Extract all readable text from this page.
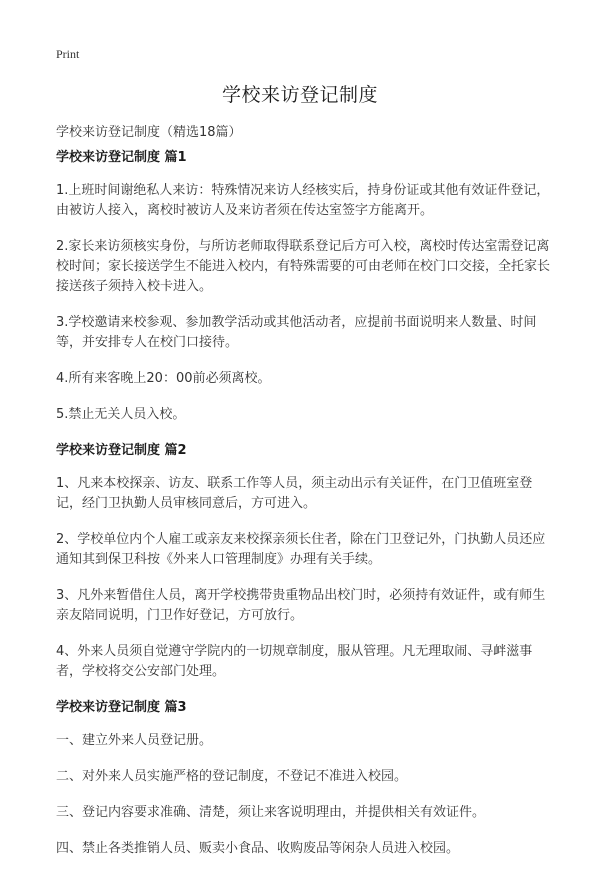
Print
学校来访登记制度
学校来访登记制度（精选18篇）
学校来访登记制度 篇1

1.上班时间谢绝私人来访：特殊情况来访人经核实后，持身份证或其他有效证件登记，由被访人接入，离校时被访人及来访者须在传达室签字方能离开。

2.家长来访须核实身份，与所访老师取得联系登记后方可入校，离校时传达室需登记离校时间；家长接送学生不能进入校内，有特殊需要的可由老师在校门口交接，全托家长接送孩子须持入校卡进入。

3.学校邀请来校参观、参加教学活动或其他活动者，应提前书面说明来人数量、时间等，并安排专人在校门口接待。

4.所有来客晚上20：00前必须离校。

5.禁止无关人员入校。

学校来访登记制度 篇2

1、凡来本校探亲、访友、联系工作等人员，须主动出示有关证件，在门卫值班室登记，经门卫执勤人员审核同意后，方可进入。

2、学校单位内个人雇工或亲友来校探亲须长住者，除在门卫登记外，门执勤人员还应通知其到保卫科按《外来人口管理制度》办理有关手续。

3、凡外来暂借住人员，离开学校携带贵重物品出校门时，必须持有效证件，或有师生亲友陪同说明，门卫作好登记，方可放行。

4、外来人员须自觉遵守学院内的一切规章制度，服从管理。凡无理取闹、寻衅滋事者，学校将交公安部门处理。

学校来访登记制度 篇3

一、建立外来人员登记册。

二、对外来人员实施严格的登记制度，不登记不准进入校园。

三、登记内容要求准确、清楚，须让来客说明理由，并提供相关有效证件。

四、禁止各类推销人员、贩卖小食品、收购废品等闲杂人员进入校园。
